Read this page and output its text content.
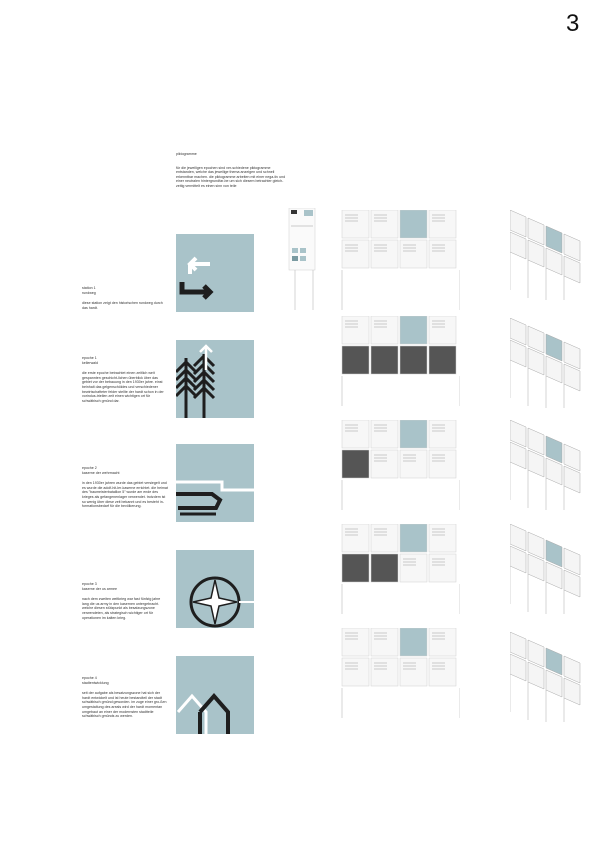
3
piktogramme
für die jeweiligen epochen sind ver-schiedene piktogramme entstanden, welche das jeweilige thema anzeigen und schnell erkenntbar machen. die piktogramme arbeiten mit einer nega-tiv und einer neutralen hintergrundfar-be um sich diesem betrachter gleich-zeitig vermittelt es einen sinn von teile

station 1
rundweg

diese station zeigt den historischen rundweg durch das hardt.

epoche 1
kellerwald

die erste epoche betrachtet einen zeitlich weit gespannten geschicht-lichen überblick über das gebiet vor der bebauung in den 1930er jahre. einst beinhalt das gelgenschöldes und verschiedener bewirtschafteter felder stellte der hardt schon in der vorindus-triellen zeit einen wichtigen ort für schwäbisch gmünd dar.

epoche 2
kaserne der wehrmacht

in den 1930er jahren wurde das gebiet versiegelt und es wurde die adolf-hit-ler-kaserne errichtet. die heimat des "baumeisterbataillon 5" wurde am ende des krieges als gefangenenlager verwendet. trotzdem ist so wenig über diese zeit bekannt und es besteht in-formationsbedarf für die bevölkerung.

epoche 3
kaserne der us armee

nach dem zweiten weltkrieg war fast fünfzig jahre lang die us army in den kasernen untergebracht. welche diesen stützpunkt als besatzungszone verwendeten, als strategisch wichtiger ort für operationen im kalten krieg.

epoche 4
stadtentwicklung

seit der aufgabe als besatzungszone hat sich der hardt entwickelt und ist heute bestandteil der stadt schwäbisch gmünd geworden. im zuge einer gro-ßen umgestaltung des areals wird der hardt momentan umgebaut an einer der modernsten stadtteile schwäbisch gmünds zu werden.
